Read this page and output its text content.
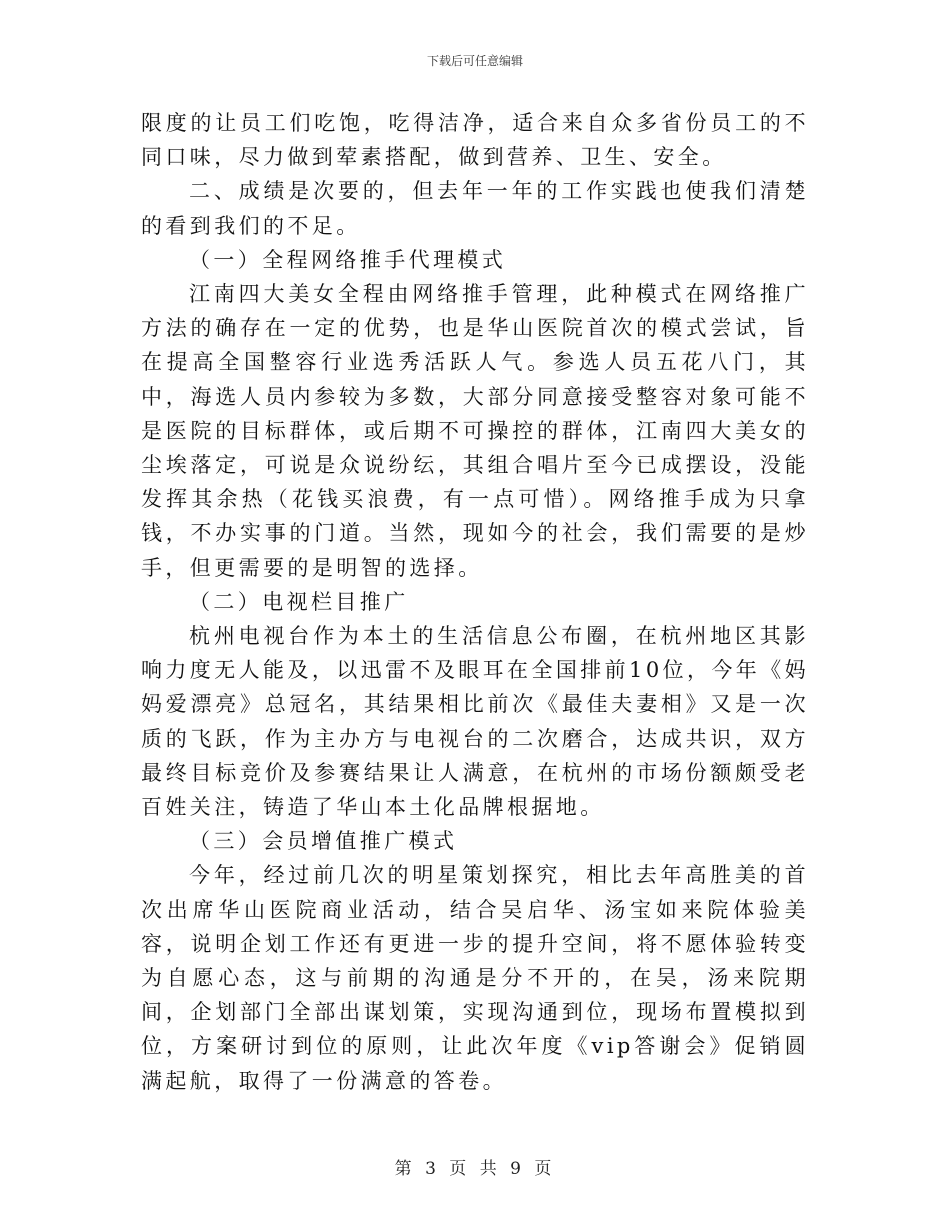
下载后可任意编辑

限度的让员工们吃饱，吃得洁净，适合来自众多省份员工的不同口味，尽力做到荤素搭配，做到营养、卫生、安全。

二、成绩是次要的，但去年一年的工作实践也使我们清楚的看到我们的不足。

（一）全程网络推手代理模式

江南四大美女全程由网络推手管理，此种模式在网络推广方法的确存在一定的优势，也是华山医院首次的模式尝试，旨在提高全国整容行业选秀活跃人气。参选人员五花八门，其中，海选人员内参较为多数，大部分同意接受整容对象可能不是医院的目标群体，或后期不可操控的群体，江南四大美女的尘埃落定，可说是众说纷纭，其组合唱片至今已成摆设，没能发挥其余热（花钱买浪费，有一点可惜）。网络推手成为只拿钱，不办实事的门道。当然，现如今的社会，我们需要的是炒手，但更需要的是明智的选择。

（二）电视栏目推广

杭州电视台作为本土的生活信息公布圈，在杭州地区其影响力度无人能及，以迅雷不及眼耳在全国排前10位，今年《妈妈爱漂亮》总冠名，其结果相比前次《最佳夫妻相》又是一次质的飞跃，作为主办方与电视台的二次磨合，达成共识，双方最终目标竞价及参赛结果让人满意，在杭州的市场份额颇受老百姓关注，铸造了华山本土化品牌根据地。

（三）会员增值推广模式

今年，经过前几次的明星策划探究，相比去年高胜美的首次出席华山医院商业活动，结合吴启华、汤宝如来院体验美容，说明企划工作还有更进一步的提升空间，将不愿体验转变为自愿心态，这与前期的沟通是分不开的，在吴，汤来院期间，企划部门全部出谋划策，实现沟通到位，现场布置模拟到位，方案研讨到位的原则，让此次年度《vip答谢会》促销圆满起航，取得了一份满意的答卷。

第 3 页 共 9 页
